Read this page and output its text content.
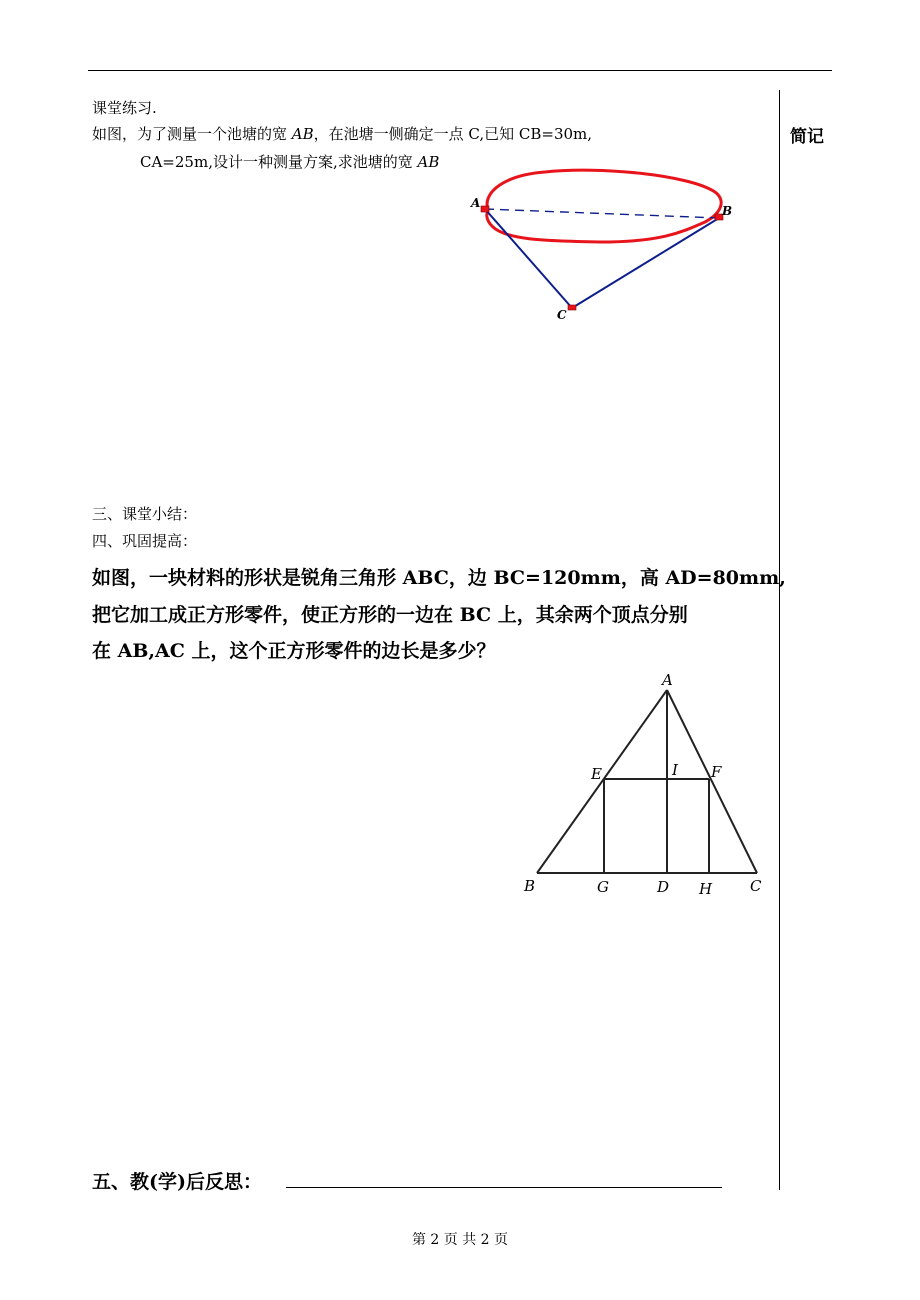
简记
课堂练习.
如图，为了测量一个池塘的宽 AB，在池塘一侧确定一点 C,已知 CB=30m,
CA=25m,设计一种测量方案,求池塘的宽 AB
A
B
C
三、课堂小结：
四、巩固提高：
如图，一块材料的形状是锐角三角形 ABC，边 BC=120mm，高 AD=80mm,
把它加工成正方形零件，使正方形的一边在 BC 上，其余两个顶点分别
在 AB,AC 上，这个正方形零件的边长是多少？
A
E	I F
B	G	D H	C
五、教(学)后反思：
第 2 页 共 2 页
